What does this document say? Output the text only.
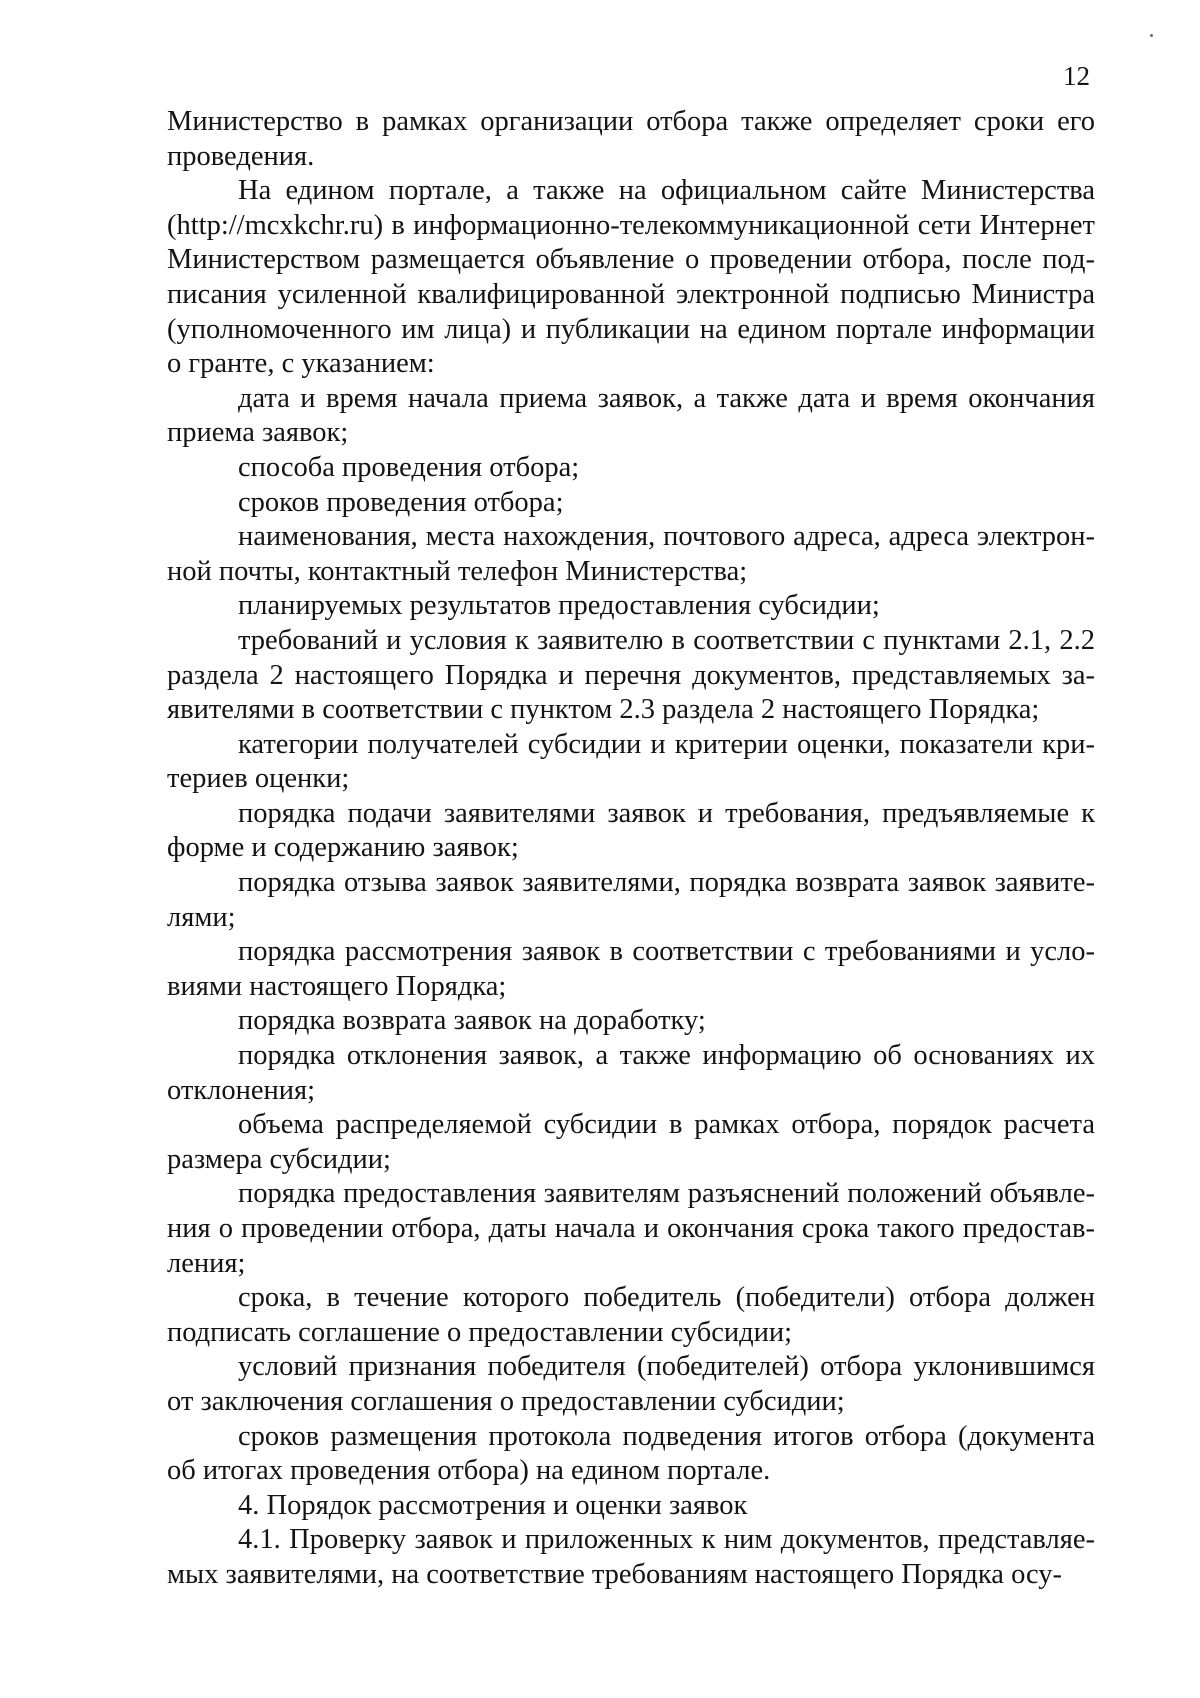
12

Министерство в рамках организации отбора также определяет сроки его проведения.

На едином портале, а также на официальном сайте Министерства (http://mcxkchr.ru) в информационно-телекоммуникационной сети Интернет Министерством размещается объявление о проведении отбора, после подписания усиленной квалифицированной электронной подписью Министра (уполномоченного им лица) и публикации на едином портале информации о гранте, с указанием:

дата и время начала приема заявок, а также дата и время окончания приема заявок;

способа проведения отбора;

сроков проведения отбора;

наименования, места нахождения, почтового адреса, адреса электронной почты, контактный телефон Министерства;

планируемых результатов предоставления субсидии;

требований и условия к заявителю в соответствии с пунктами 2.1, 2.2 раздела 2 настоящего Порядка и перечня документов, представляемых заявителями в соответствии с пунктом 2.3 раздела 2 настоящего Порядка;

категории получателей субсидии и критерии оценки, показатели критериев оценки;

порядка подачи заявителями заявок и требования, предъявляемые к форме и содержанию заявок;

порядка отзыва заявок заявителями, порядка возврата заявок заявителями;

порядка рассмотрения заявок в соответствии с требованиями и условиями настоящего Порядка;

порядка возврата заявок на доработку;

порядка отклонения заявок, а также информацию об основаниях их отклонения;

объема распределяемой субсидии в рамках отбора, порядок расчета размера субсидии;

порядка предоставления заявителям разъяснений положений объявления о проведении отбора, даты начала и окончания срока такого предоставления;

срока, в течение которого победитель (победители) отбора должен подписать соглашение о предоставлении субсидии;

условий признания победителя (победителей) отбора уклонившимся от заключения соглашения о предоставлении субсидии;

сроков размещения протокола подведения итогов отбора (документа об итогах проведения отбора) на едином портале.

4. Порядок рассмотрения и оценки заявок

4.1. Проверку заявок и приложенных к ним документов, представляемых заявителями, на соответствие требованиям настоящего Порядка осу-
